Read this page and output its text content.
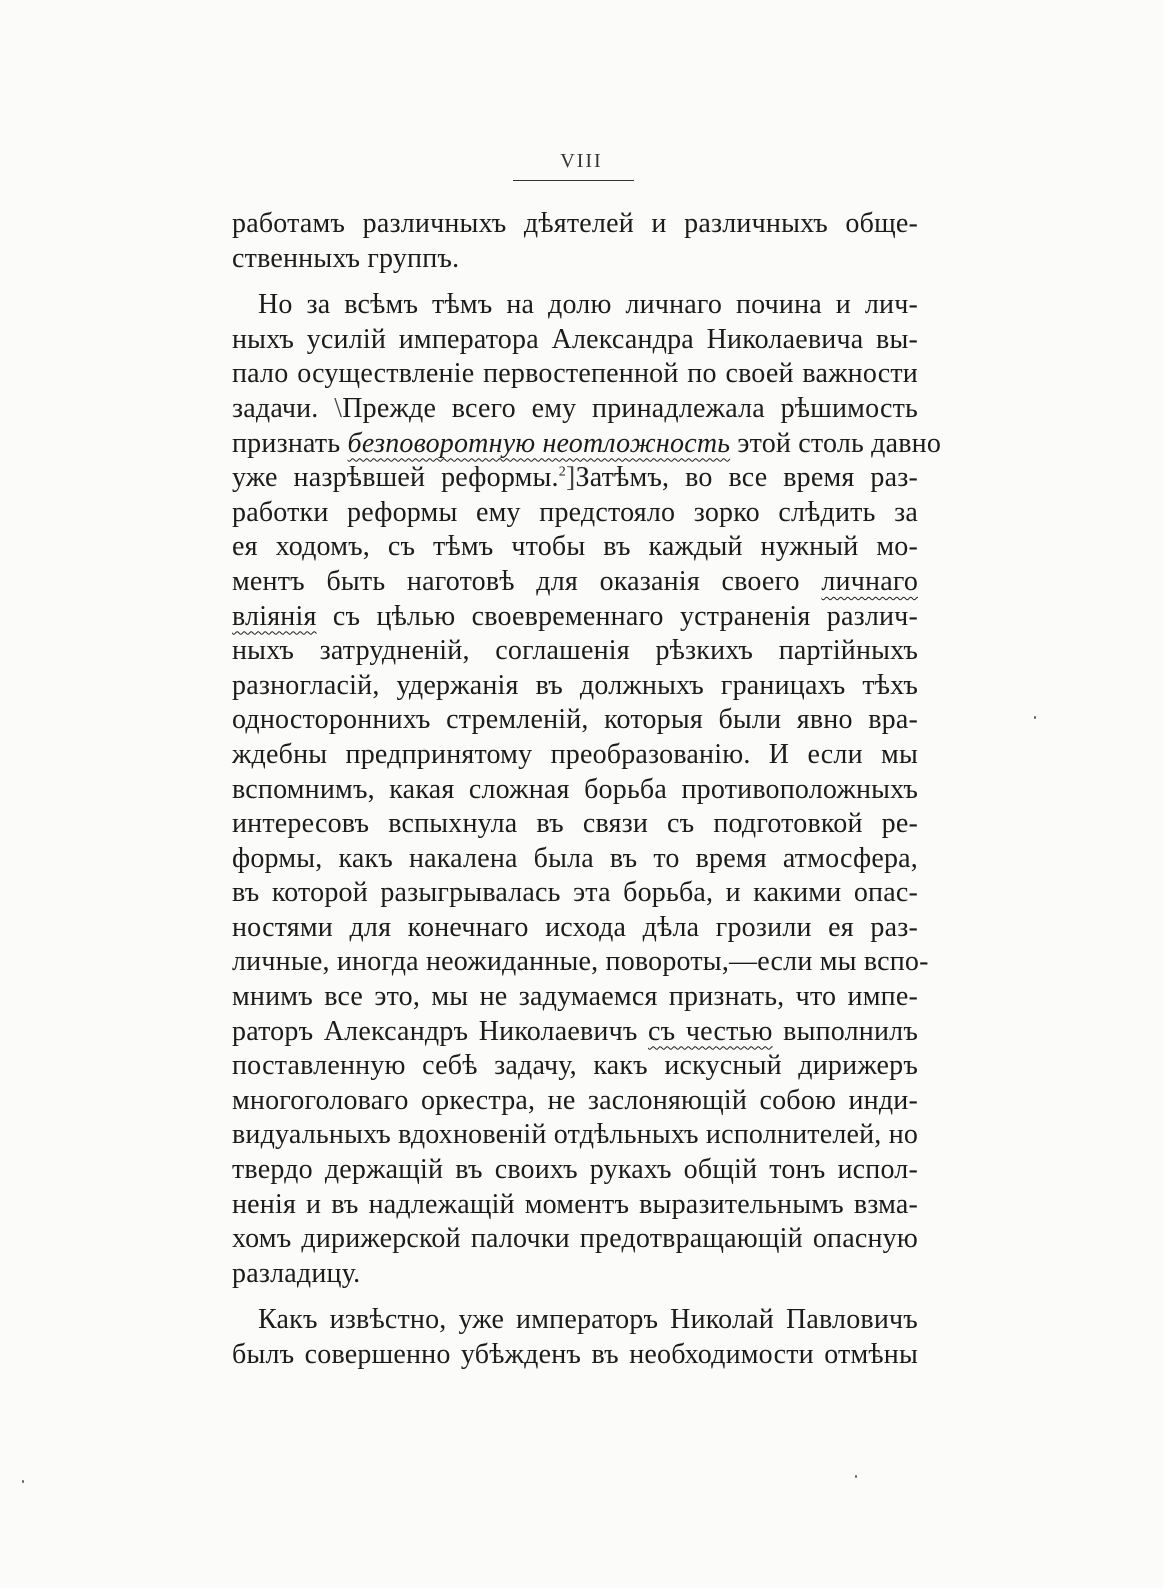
VIII
работамъ различныхъ дѣятелей и различныхъ обще-
ственныхъ группъ.
Но за всѣмъ тѣмъ на долю личнаго почина и лич-
ныхъ усилій императора Александра Николаевича вы-
пало осуществленіе первостепенной по своей важности
задачи. \Прежде всего ему принадлежала рѣшимость
признать безповоротную неотложность этой столь давно
уже назрѣвшей реформы.$^2$]Затѣмъ, во все время раз-
работки реформы ему предстояло зорко слѣдить за
ея ходомъ, съ тѣмъ чтобы въ каждый нужный мо-
ментъ быть наготовѣ для оказанія своего личнаго
вліянія съ цѣлью своевременнаго устраненія различ-
ныхъ затрудненій, соглашенія рѣзкихъ партійныхъ
разногласій, удержанія въ должныхъ границахъ тѣхъ
одностороннихъ стремленій, которыя были явно вра-
ждебны предпринятому преобразованію. И если мы
вспомнимъ, какая сложная борьба противоположныхъ
интересовъ вспыхнула въ связи съ подготовкой ре-
формы, какъ накалена была въ то время атмосфера,
въ которой разыгрывалась эта борьба, и какими опас-
ностями для конечнаго исхода дѣла грозили ея раз-
личные, иногда неожиданные, повороты,—если мы вспо-
мнимъ все это, мы не задумаемся признать, что импе-
раторъ Александръ Николаевичъ съ честью выполнилъ
поставленную себѣ задачу, какъ искусный дирижеръ
многоголоваго оркестра, не заслоняющій собою инди-
видуальныхъ вдохновеній отдѣльныхъ исполнителей, но
твердо держащій въ своихъ рукахъ общій тонъ испол-
ненія и въ надлежащій моментъ выразительнымъ взма-
хомъ дирижерской палочки предотвращающій опасную
разладицу.
Какъ извѣстно, уже императоръ Николай Павловичъ
былъ совершенно убѣжденъ въ необходимости отмѣны
